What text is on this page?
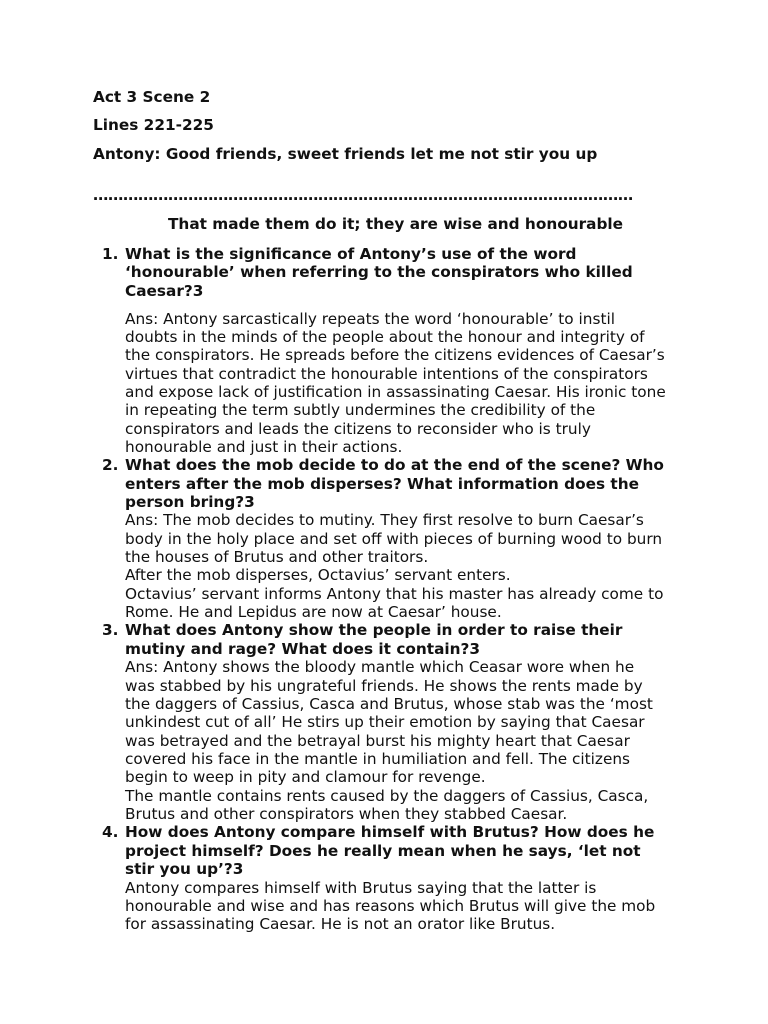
Act 3 Scene 2
Lines 221-225
Antony: Good friends, sweet friends let me not stir you up
………………………………………………………………………………………………
That made them do it; they are wise and honourable
1. What is the significance of Antony’s use of the word
‘honourable’ when referring to the conspirators who killed
Caesar?3
Ans: Antony sarcastically repeats the word ‘honourable’ to instil
doubts in the minds of the people about the honour and integrity of
the conspirators. He spreads before the citizens evidences of Caesar’s
virtues that contradict the honourable intentions of the conspirators
and expose lack of justification in assassinating Caesar. His ironic tone
in repeating the term subtly undermines the credibility of the
conspirators and leads the citizens to reconsider who is truly
honourable and just in their actions.
2. What does the mob decide to do at the end of the scene? Who
enters after the mob disperses? What information does the
person bring?3
Ans: The mob decides to mutiny. They first resolve to burn Caesar’s
body in the holy place and set off with pieces of burning wood to burn
the houses of Brutus and other traitors.
After the mob disperses, Octavius’ servant enters.
Octavius’ servant informs Antony that his master has already come to
Rome. He and Lepidus are now at Caesar’ house.
3. What does Antony show the people in order to raise their
mutiny and rage? What does it contain?3
Ans: Antony shows the bloody mantle which Ceasar wore when he
was stabbed by his ungrateful friends. He shows the rents made by
the daggers of Cassius, Casca and Brutus, whose stab was the ‘most
unkindest cut of all’ He stirs up their emotion by saying that Caesar
was betrayed and the betrayal burst his mighty heart that Caesar
covered his face in the mantle in humiliation and fell. The citizens
begin to weep in pity and clamour for revenge.
The mantle contains rents caused by the daggers of Cassius, Casca,
Brutus and other conspirators when they stabbed Caesar.
4. How does Antony compare himself with Brutus? How does he
project himself? Does he really mean when he says, ‘let not
stir you up’?3
Antony compares himself with Brutus saying that the latter is
honourable and wise and has reasons which Brutus will give the mob
for assassinating Caesar. He is not an orator like Brutus.
